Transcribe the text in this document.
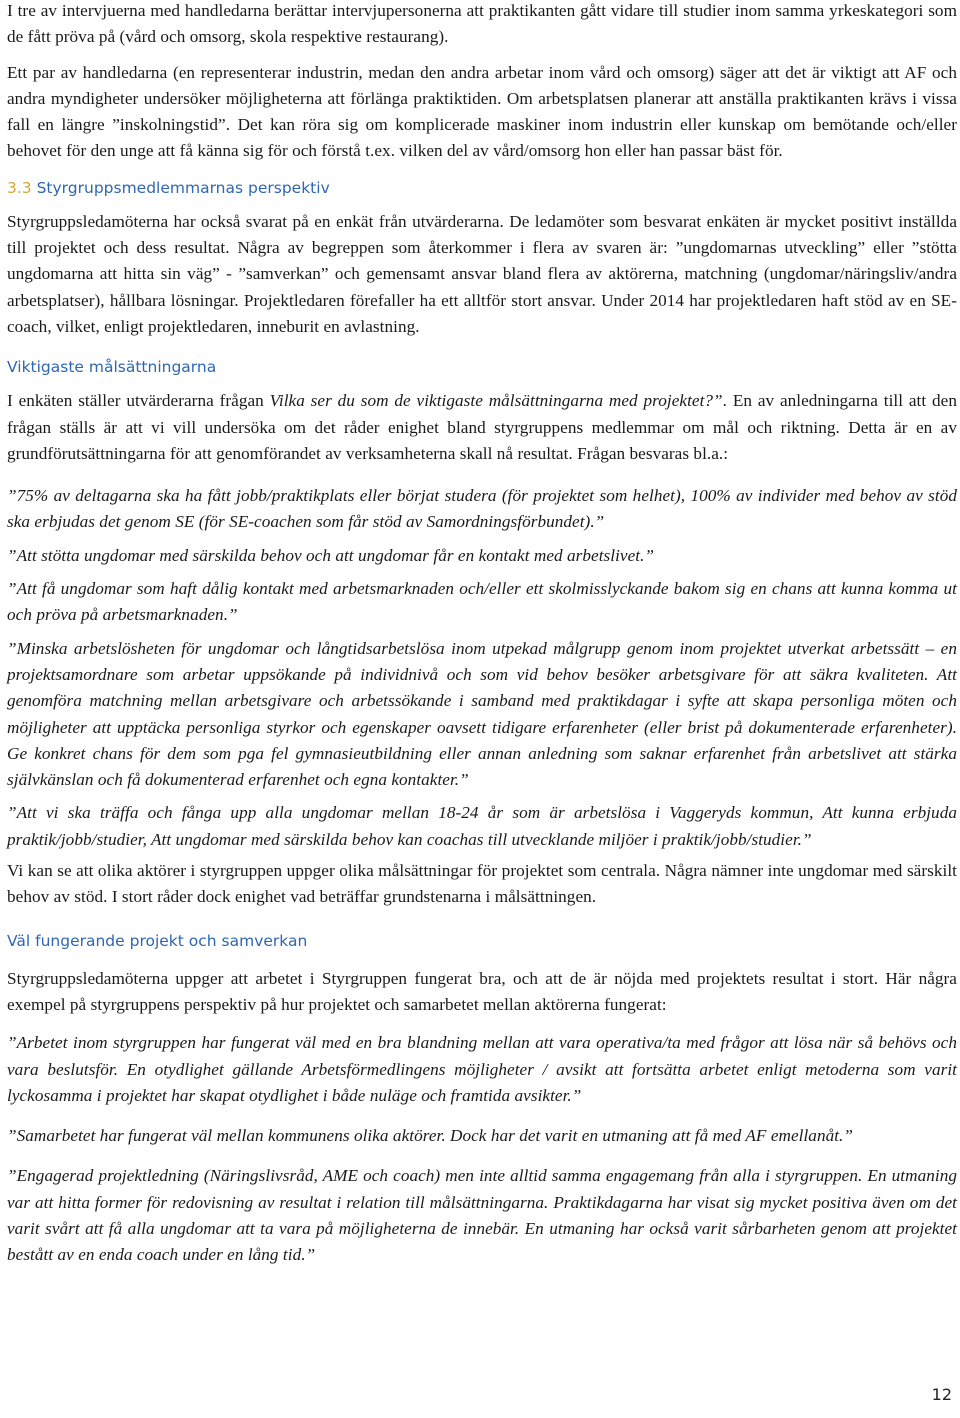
I tre av intervjuerna med handledarna berättar intervjupersonerna att praktikanten gått vidare till studier inom samma yrkeskategori som de fått pröva på (vård och omsorg, skola respektive restaurang).

Ett par av handledarna (en representerar industrin, medan den andra arbetar inom vård och omsorg) säger att det är viktigt att AF och andra myndigheter undersöker möjligheterna att förlänga praktiktiden. Om arbetsplatsen planerar att anställa praktikanten krävs i vissa fall en längre ”inskolningstid”. Det kan röra sig om komplicerade maskiner inom industrin eller kunskap om bemötande och/eller behovet för den unge att få känna sig för och förstå t.ex. vilken del av vård/omsorg hon eller han passar bäst för.

3.3 Styrgruppsmedlemmarnas perspektiv

Styrgruppsledamöterna har också svarat på en enkät från utvärderarna. De ledamöter som besvarat enkäten är mycket positivt inställda till projektet och dess resultat. Några av begreppen som återkommer i flera av svaren är: ”ungdomarnas utveckling” eller ”stötta ungdomarna att hitta sin väg” - ”samverkan” och gemensamt ansvar bland flera av aktörerna, matchning (ungdomar/näringsliv/andra arbetsplatser), hållbara lösningar. Projektledaren förefaller ha ett alltför stort ansvar. Under 2014 har projektledaren haft stöd av en SE-coach, vilket, enligt projektledaren, inneburit en avlastning.

Viktigaste målsättningarna

I enkäten ställer utvärderarna frågan Vilka ser du som de viktigaste målsättningarna med projektet?”. En av anledningarna till att den frågan ställs är att vi vill undersöka om det råder enighet bland styrgruppens medlemmar om mål och riktning. Detta är en av grundförutsättningarna för att genomförandet av verksamheterna skall nå resultat. Frågan besvaras bl.a.:

”75% av deltagarna ska ha fått jobb/praktikplats eller börjat studera (för projektet som helhet), 100% av individer med behov av stöd ska erbjudas det genom SE (för SE-coachen som får stöd av Samordningsförbundet).”

”Att stötta ungdomar med särskilda behov och att ungdomar får en kontakt med arbetslivet.”

”Att få ungdomar som haft dålig kontakt med arbetsmarknaden och/eller ett skolmisslyckande bakom sig en chans att kunna komma ut och pröva på arbetsmarknaden.”

”Minska arbetslösheten för ungdomar och långtidsarbetslösa inom utpekad målgrupp genom inom projektet utverkat arbetssätt – en projektsamordnare som arbetar uppsökande på individnivå och som vid behov besöker arbetsgivare för att säkra kvaliteten. Att genomföra matchning mellan arbetsgivare och arbetssökande i samband med praktikdagar i syfte att skapa personliga möten och möjligheter att upptäcka personliga styrkor och egenskaper oavsett tidigare erfarenheter (eller brist på dokumenterade erfarenheter). Ge konkret chans för dem som pga fel gymnasieutbildning eller annan anledning som saknar erfarenhet från arbetslivet att stärka självkänslan och få dokumenterad erfarenhet och egna kontakter.”

”Att vi ska träffa och fånga upp alla ungdomar mellan 18-24 år som är arbetslösa i Vaggeryds kommun, Att kunna erbjuda praktik/jobb/studier, Att ungdomar med särskilda behov kan coachas till utvecklande miljöer i praktik/jobb/studier.”

Vi kan se att olika aktörer i styrgruppen uppger olika målsättningar för projektet som centrala. Några nämner inte ungdomar med särskilt behov av stöd. I stort råder dock enighet vad beträffar grundstenarna i målsättningen.

Väl fungerande projekt och samverkan

Styrgruppsledamöterna uppger att arbetet i Styrgruppen fungerat bra, och att de är nöjda med projektets resultat i stort. Här några exempel på styrgruppens perspektiv på hur projektet och samarbetet mellan aktörerna fungerat:

”Arbetet inom styrgruppen har fungerat väl med en bra blandning mellan att vara operativa/ta med frågor att lösa när så behövs och vara beslutsför. En otydlighet gällande Arbetsförmedlingens möjligheter / avsikt att fortsätta arbetet enligt metoderna som varit lyckosamma i projektet har skapat otydlighet i både nuläge och framtida avsikter.”

”Samarbetet har fungerat väl mellan kommunens olika aktörer. Dock har det varit en utmaning att få med AF emellanåt.”

”Engagerad projektledning (Näringslivsråd, AME och coach) men inte alltid samma engagemang från alla i styrgruppen. En utmaning var att hitta former för redovisning av resultat i relation till målsättningarna. Praktikdagarna har visat sig mycket positiva även om det varit svårt att få alla ungdomar att ta vara på möjligheterna de innebär. En utmaning har också varit sårbarheten genom att projektet bestått av en enda coach under en lång tid.”

12
